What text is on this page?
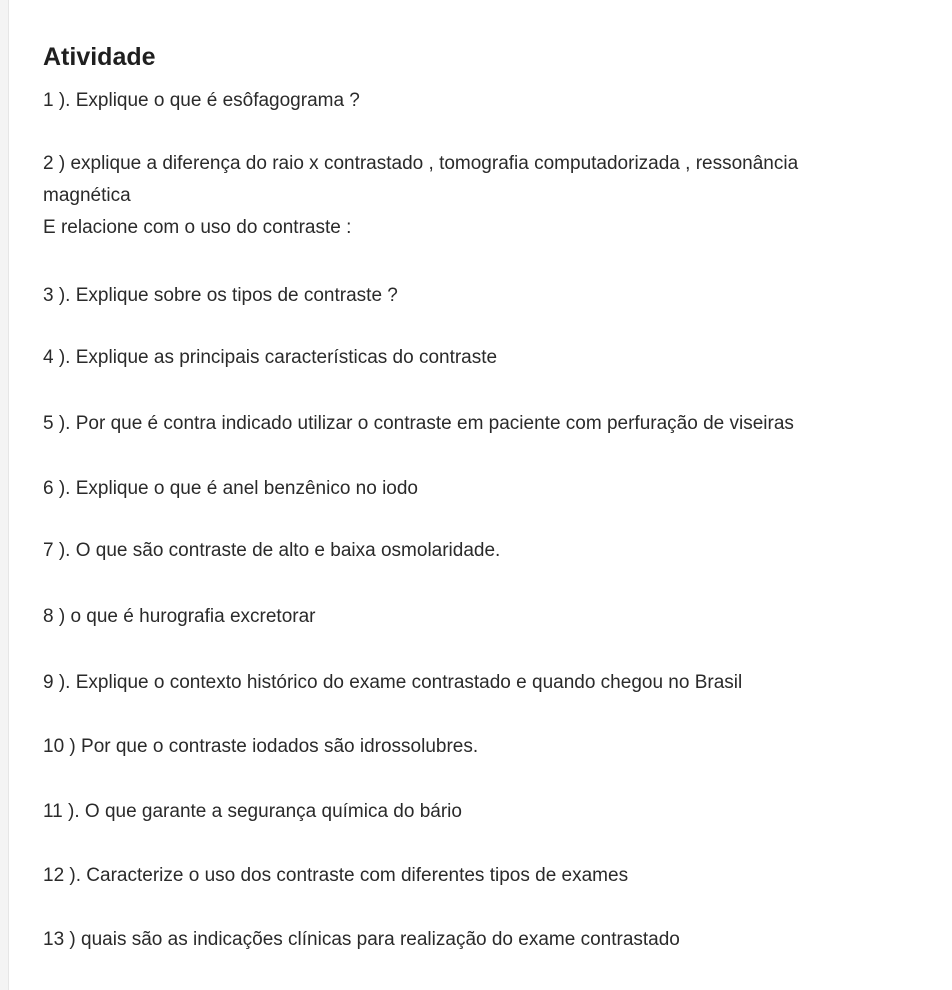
Atividade
1 ). Explique o que é esôfagograma ?
2 ) explique a diferença do raio x contrastado , tomografia computadorizada , ressonância
magnética
E relacione com o uso do contraste :
3 ). Explique sobre os tipos de contraste ?
4 ). Explique as principais características do contraste
5 ). Por que é contra indicado utilizar o contraste em paciente com perfuração de viseiras
6 ). Explique o que é anel benzênico no iodo
7 ). O que são contraste de alto e baixa osmolaridade.
8 ) o que é hurografia excretorar
9 ). Explique o contexto histórico do exame contrastado e quando chegou no Brasil
10 ) Por que o contraste iodados são idrossolubres.
11 ). O que garante a segurança química do bário
12 ). Caracterize o uso dos contraste com diferentes tipos de exames
13 ) quais são as indicações clínicas para realização do exame contrastado
